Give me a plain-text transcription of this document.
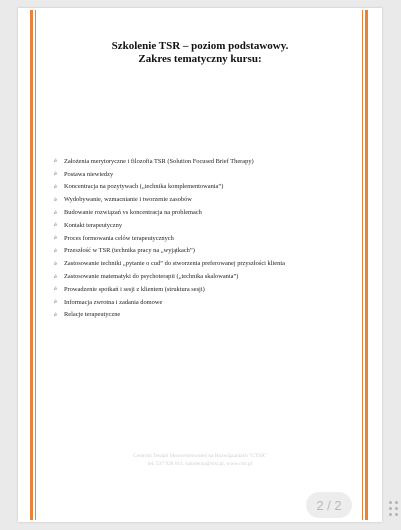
Szkolenie TSR – poziom podstawowy.
Zakres tematyczny kursu:
ǿ	Założenia merytoryczne i filozofia TSR (Solution Focused Brief Therapy)
ǿ	Postawa niewiedzy
ǿ	Koncentracja na pozytywach („technika komplementowania”)
ǿ	Wydobywanie, wzmacnianie i tworzenie zasobów
ǿ	Budowanie rozwiązań vs koncentracja na problemach
ǿ	Kontakt terapeutyczny
ǿ	Proces formowania celów terapeutycznych
ǿ	Przeszłość w TSR (technika pracy na „wyjątkach”)
ǿ	Zastosowanie techniki „pytanie o cud” do stworzenia preferowanej przyszłości klienta
ǿ	Zastosowanie matematyki do psychoterapii („technika skalowania”)
ǿ	Prowadzenie spotkań i sesji z klientem (struktura sesji)
ǿ	Informacja zwrotna i zadania domowe
ǿ	Relacje terapeutyczne
Centrum Terapii Skoncentrowanej na Rozwiązaniach "CTSR"
tel. 537 928 011, szkolenia@ctsr.pl, www.ctsr.pl
2 / 2
